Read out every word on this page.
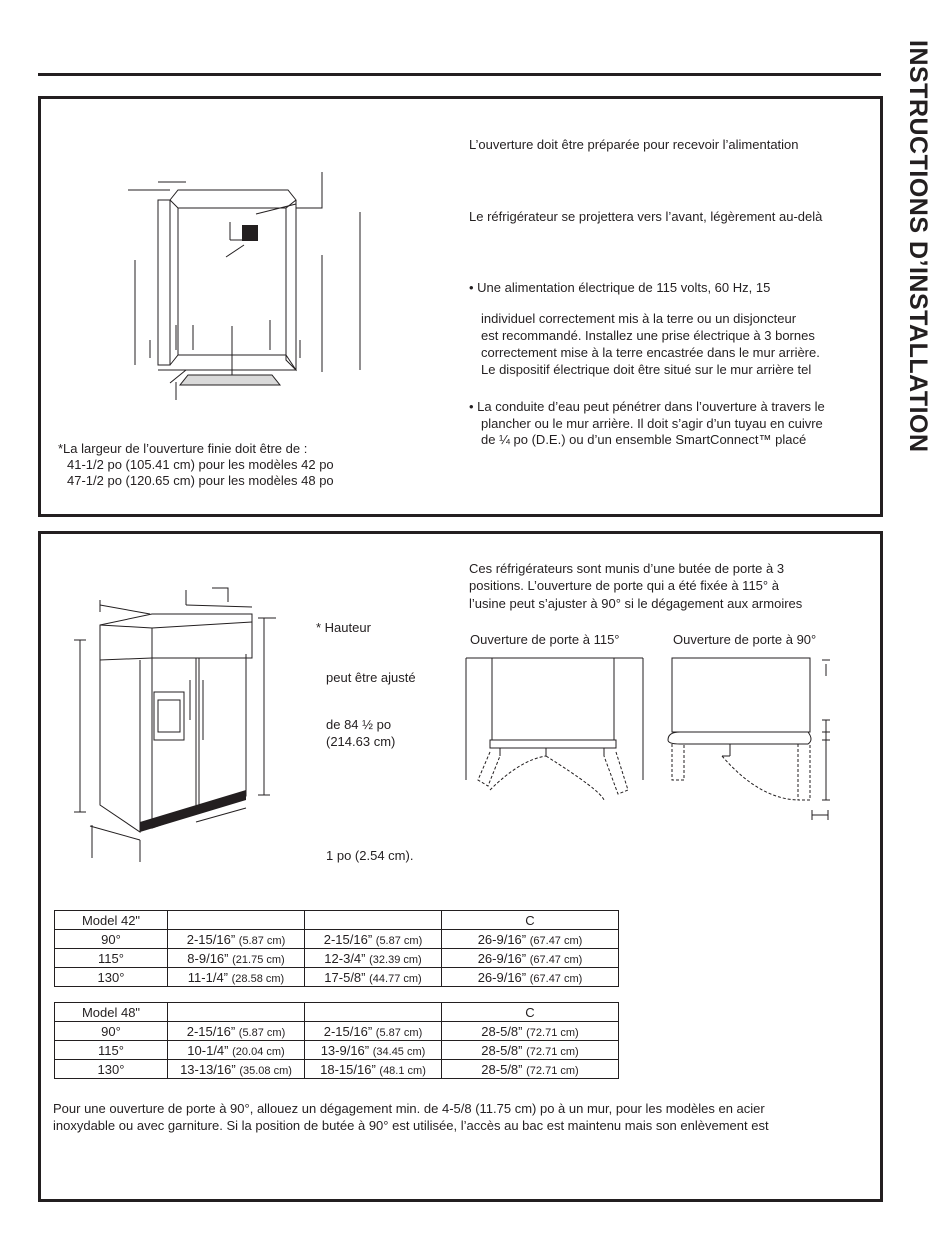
INSTRUCTIONS D’INSTALLATION
L’ouverture doit être préparée pour recevoir l’alimentation
Le réfrigérateur se projettera vers l’avant, légèrement au-delà
• Une alimentation électrique de 115 volts, 60 Hz, 15
individuel correctement mis à la terre ou un disjoncteur
est recommandé. Installez une prise électrique à 3 bornes
correctement mise à la terre encastrée dans le mur arrière.
Le dispositif électrique doit être situé sur le mur arrière tel
• La conduite d’eau peut pénétrer dans l’ouverture à travers le
plancher ou le mur arrière. Il doit s’agir d’un tuyau en cuivre
de ¼ po (D.E.) ou d’un ensemble SmartConnect™ placé
*La largeur de l’ouverture finie doit être de :
41-1/2 po (105.41 cm) pour les modèles 42 po
47-1/2 po (120.65 cm) pour les modèles 48 po
* Hauteur
peut être ajusté
de 84 ½ po
(214.63 cm)
1 po (2.54 cm).
Ces réfrigérateurs sont munis d’une butée de porte à 3
positions. L’ouverture de porte qui a été fixée à 115° à
l’usine peut s’ajuster à 90° si le dégagement aux armoires
Ouverture de porte à 115°	Ouverture de porte à 90°
Model 42"			C
90°	2-15/16” (5.87 cm)	2-15/16” (5.87 cm)	26-9/16” (67.47 cm)
115°	8-9/16” (21.75 cm)	12-3/4” (32.39 cm)	26-9/16” (67.47 cm)
130°	11-1/4” (28.58 cm)	17-5/8” (44.77 cm)	26-9/16” (67.47 cm)
Model 48"			C
90°	2-15/16” (5.87 cm)	2-15/16” (5.87 cm)	28-5/8” (72.71 cm)
115°	10-1/4” (20.04 cm)	13-9/16” (34.45 cm)	28-5/8” (72.71 cm)
130°	13-13/16” (35.08 cm)	18-15/16” (48.1 cm)	28-5/8” (72.71 cm)
Pour une ouverture de porte à 90°, allouez un dégagement min. de 4-5/8 (11.75 cm) po à un mur, pour les modèles en acier
inoxydable ou avec garniture. Si la position de butée à 90° est utilisée, l’accès au bac est maintenu mais son enlèvement est
